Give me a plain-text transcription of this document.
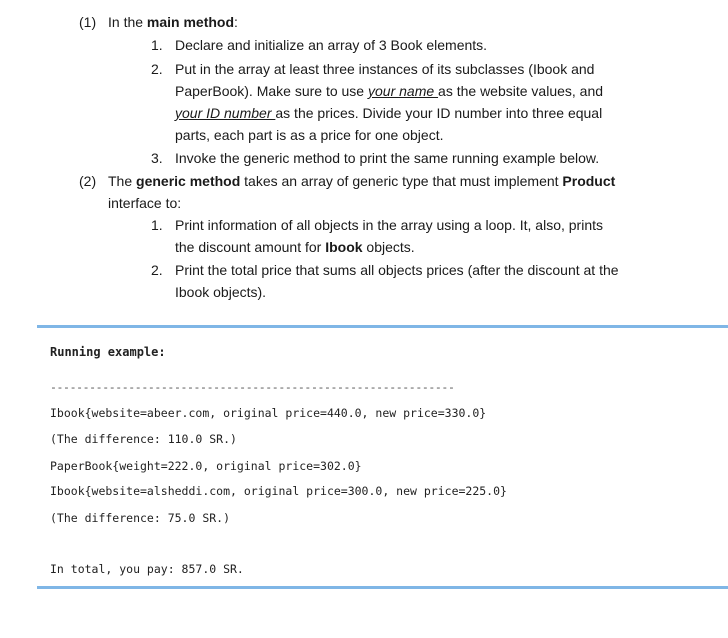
(1) In the main method:
1. Declare and initialize an array of 3 Book elements.
2. Put in the array at least three instances of its subclasses (Ibook and
PaperBook). Make sure to use your name as the website values, and
your ID number as the prices. Divide your ID number into three equal
parts, each part is as a price for one object.
3. Invoke the generic method to print the same running example below.
(2) The generic method takes an array of generic type that must implement Product
interface to:
1. Print information of all objects in the array using a loop. It, also, prints
the discount amount for Ibook objects.
2. Print the total price that sums all objects prices (after the discount at the
Ibook objects).
Running example:
--------------------------------------------------------------
Ibook{website=abeer.com, original price=440.0, new price=330.0}
(The difference: 110.0 SR.)
PaperBook{weight=222.0, original price=302.0}
Ibook{website=alsheddi.com, original price=300.0, new price=225.0}
(The difference: 75.0 SR.)
In total, you pay: 857.0 SR.
